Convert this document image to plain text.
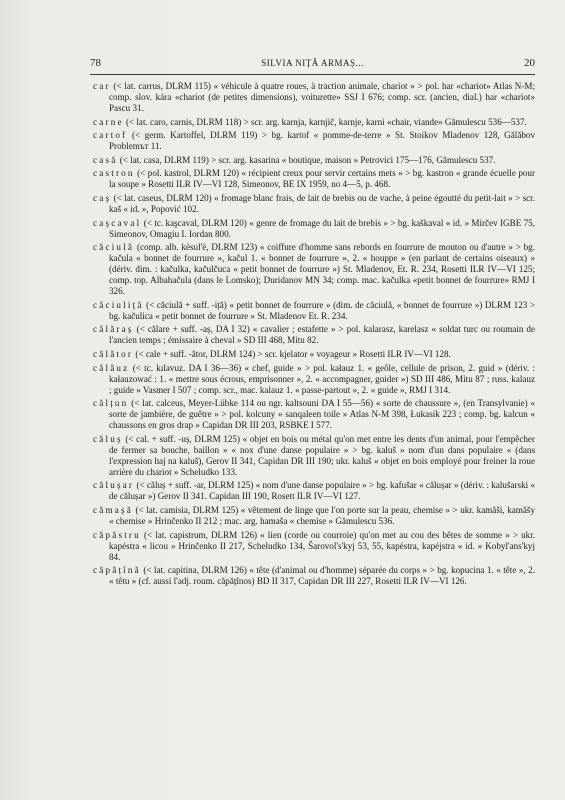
78	SILVIA NIȚĂ ARMAȘ...	20

car (< lat. carrus, DLRM 115) « véhicule à quatre roues, à traction animale, chariot » > pol. har «chariot» Atlas N-M; comp. slov. kára «chariot (de petites dimensions), voiturette» SSJ I 676; comp. scr. (ancien, dial.) har «chariot» Pascu 31.

carne (< lat. caro, carnis, DLRM 118) > scr. arg. karnja, karnjič, karnje, karni «chair, viande» Gămulescu 536—537.

cartof (< germ. Kartoffel, DLRM 119) > bg. kartof « pomme-de-terre » St. Stoikov Mladenov 128, Gălăbov Problemът 11.

casă (< lat. casa, DLRM 119) > scr. arg. kasarina « boutique, maison » Petrovici 175—176, Gămulescu 537.

castron (< pol. kastrol, DLRM 120) « récipient creux pour servir certains mets » > bg. kastron « grande écuelle pour la soupe » Rosetti ILR IV—VI 128, Simeonov, BE IX 1959, no 4—5, p. 468.

caș (< lat. caseus, DLRM 120) « fromage blanc frais, de lait de brebis ou de vache, à peine égoutté du petit-lait » > scr. kaš « id. », Popović 102.

cașcaval (< tc. kaşcaval, DLRM 120) « genre de fromage du lait de brebis » > bg. kaškaval « id. » Mirčev IGBE 75, Simeonov, Omagiu I. Iordan 800.

căciulă (comp. alb. kësul'ë, DLRM 123) « coiffure d'homme sans rebords en fourrure de mouton ou d'autre » > bg. kačula « bonnet de fourrure », kačul 1. « bonnet de fourrure », 2. « houppe » (en parlant de certains oiseaux) » (dériv. dim. : kačulka, kačulčuca « petit bonnet de fourrure ») St. Mladenov, Et. R. 234, Rosetti ILR IV—VI 125; comp. top. Albahačula (dans le Lomsko); Duridanov MN 34; comp. mac. kačulka «petit bonnet de fourrure» RMJ I 326.

căciuliță (< căciulă + suff. -iță) « petit bonnet de fourrure » (dim. de căciulă, « bonnet de fourrure ») DLRM 123 > bg. kačulica « petit bonnet de fourrure » St. Mladenov Et. R. 234.

călăraș (< călare + suff. -aș, DA I 32) « cavalier ; estafette » > pol. kalarasz, karelasz « soldat turc ou roumain de l'ancien temps ; émissaire à cheval » SD III 468, Mitu 82.

călător (< cale + suff. -ător, DLRM 124) > scr. kjelator « voyageur » Rosetti ILR IV—VI 128.

călăuz (< tc. kılavuz. DA I 36—36) « chef, guide » > pol. kałauz 1. « geôle, cellule de prison, 2. guid » (dériv. : kałauzować : 1. « mettre sous écrous, emprisonner », 2. « accompagner, guider ») SD III 486, Mitu 87 ; russ. kalauz ; guide » Vasmer I 507 ; comp. scr., mac. kalauz 1. « passe-partout », 2. « guide », RMJ I 314.

călțun (< lat. calceus, Meyer-Lübke 114 ou ngr. kaltsouni DA I 55—56) « sorte de chaussure », (en Transylvanie) « sorte de jambière, de guêtre » > pol. kolcuny « sanqaleen toile » Atlas N-M 398, Łukasik 223 ; comp. bg. kalcun « chaussons en gros drap » Capidan DR III 203, RSBKE I 577.

căluș (< cal. + suff. -uș, DLRM 125) « objet en bois ou métal qu'on met entre les dents d'un animal, pour l'empêcher de fermer sa bouche, baillon » « nox d'une danse populaire » > bg. kaluš » nom d'un dans populaire « (dans l'expression haj na kaluš), Gerov II 341, Capidan DR III 190; ukr. kaluš « objet en bois employé pour freiner la roue arrière du chariot » Scheludko 133.

călușar (< căluș + suff. -ar, DLRM 125) « nom d'une danse populaire » > bg. kafušar « călușar » (dériv. : kalušarski « de călușar ») Gerov II 341. Capidan III 190, Rosett ILR IV—VI 127.

cămașă (< lat. camisia, DLRM 125) « vêtement de linge que l'on porte sur la peau, chemise » > ukr. kamăši, kamăšy « chemise » Hrinčenko II 212 ; mac. arg. hamaša « chemise » Gămulescu 536.

căpăstru (< lat. capistrum, DLRM 126) « lien (corde ou courroie) qu'on met au cou des bêtes de somme » > ukr. kapéstra « licou » Hrinčenko II 217, Scheludko 134, Šarovol's'kyj 53, 55, kapéstra, kapéjstra « id. » Kobyl'ans'kyj 84.

căpățînă (< lat. capitina, DLRM 126) « tête (d'animal ou d'homme) séparée du corps » > bg. kopucina 1. « tête », 2. « têtu » (cf. aussi l'adj. roum. căpățînos) BD II 317, Capidan DR III 227, Rosetti ILR IV—VI 126.
